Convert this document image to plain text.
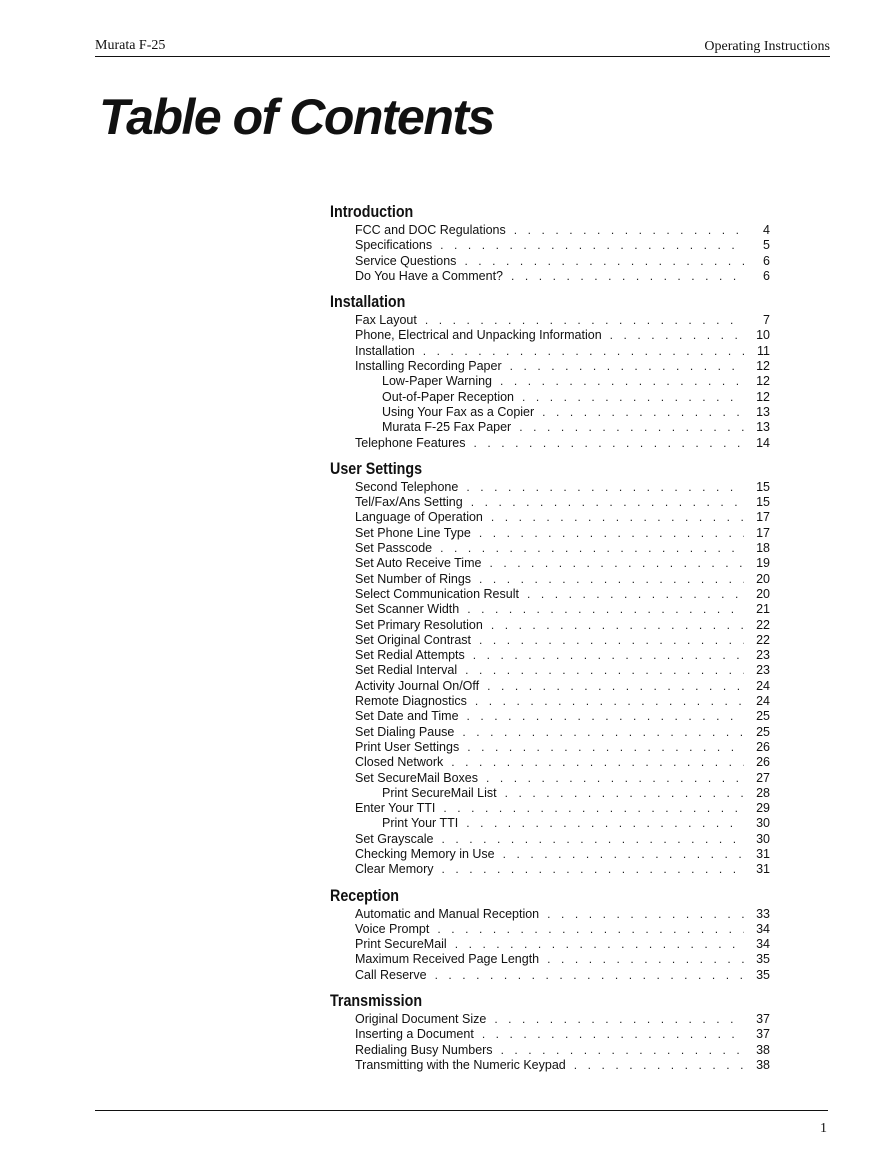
Murata F-25	Operating Instructions
Table of Contents
Introduction
FCC and DOC Regulations . . .	4
Specifications . . .	5
Service Questions . . .	6
Do You Have a Comment? . . .	6
Installation
Fax Layout . . .	7
Phone, Electrical and Unpacking Information . . .	10
Installation . . .	11
Installing Recording Paper . . .	12
Low-Paper Warning . . .	12
Out-of-Paper Reception . . .	12
Using Your Fax as a Copier . . .	13
Murata F-25 Fax Paper . . .	13
Telephone Features . . .	14
User Settings
Second Telephone . . .	15
Tel/Fax/Ans Setting . . .	15
Language of Operation . . .	17
Set Phone Line Type . . .	17
Set Passcode . . .	18
Set Auto Receive Time . . .	19
Set Number of Rings . . .	20
Select Communication Result . . .	20
Set Scanner Width . . .	21
Set Primary Resolution . . .	22
Set Original Contrast . . .	22
Set Redial Attempts . . .	23
Set Redial Interval . . .	23
Activity Journal On/Off . . .	24
Remote Diagnostics . . .	24
Set Date and Time . . .	25
Set Dialing Pause . . .	25
Print User Settings . . .	26
Closed Network . . .	26
Set SecureMail Boxes . . .	27
Print SecureMail List . . .	28
Enter Your TTI . . .	29
Print Your TTI . . .	30
Set Grayscale . . .	30
Checking Memory in Use . . .	31
Clear Memory . . .	31
Reception
Automatic and Manual Reception . . .	33
Voice Prompt . . .	34
Print SecureMail . . .	34
Maximum Received Page Length . . .	35
Call Reserve . . .	35
Transmission
Original Document Size . . .	37
Inserting a Document . . .	37
Redialing Busy Numbers . . .	38
Transmitting with the Numeric Keypad . . .	38
1
